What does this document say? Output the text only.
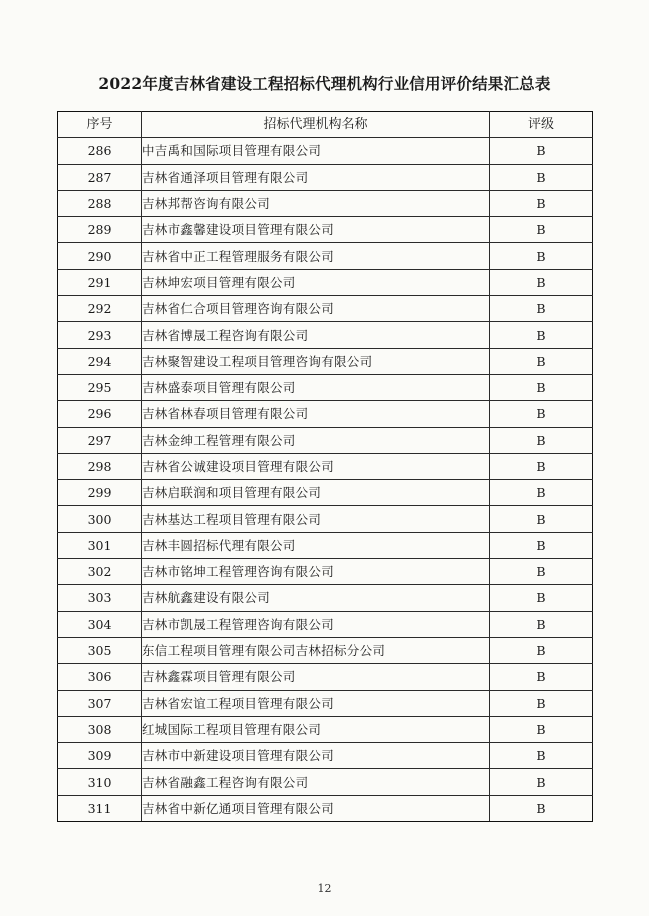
2022年度吉林省建设工程招标代理机构行业信用评价结果汇总表
序号	招标代理机构名称	评级
286	中吉禹和国际项目管理有限公司	B
287	吉林省通泽项目管理有限公司	B
288	吉林邦帮咨询有限公司	B
289	吉林市鑫馨建设项目管理有限公司	B
290	吉林省中正工程管理服务有限公司	B
291	吉林坤宏项目管理有限公司	B
292	吉林省仁合项目管理咨询有限公司	B
293	吉林省博晟工程咨询有限公司	B
294	吉林聚智建设工程项目管理咨询有限公司	B
295	吉林盛泰项目管理有限公司	B
296	吉林省林春项目管理有限公司	B
297	吉林金绅工程管理有限公司	B
298	吉林省公诚建设项目管理有限公司	B
299	吉林启联润和项目管理有限公司	B
300	吉林基达工程项目管理有限公司	B
301	吉林丰圆招标代理有限公司	B
302	吉林市铭坤工程管理咨询有限公司	B
303	吉林航鑫建设有限公司	B
304	吉林市凯晟工程管理咨询有限公司	B
305	东信工程项目管理有限公司吉林招标分公司	B
306	吉林鑫霖项目管理有限公司	B
307	吉林省宏谊工程项目管理有限公司	B
308	红城国际工程项目管理有限公司	B
309	吉林市中新建设项目管理有限公司	B
310	吉林省融鑫工程咨询有限公司	B
311	吉林省中新亿通项目管理有限公司	B
12
